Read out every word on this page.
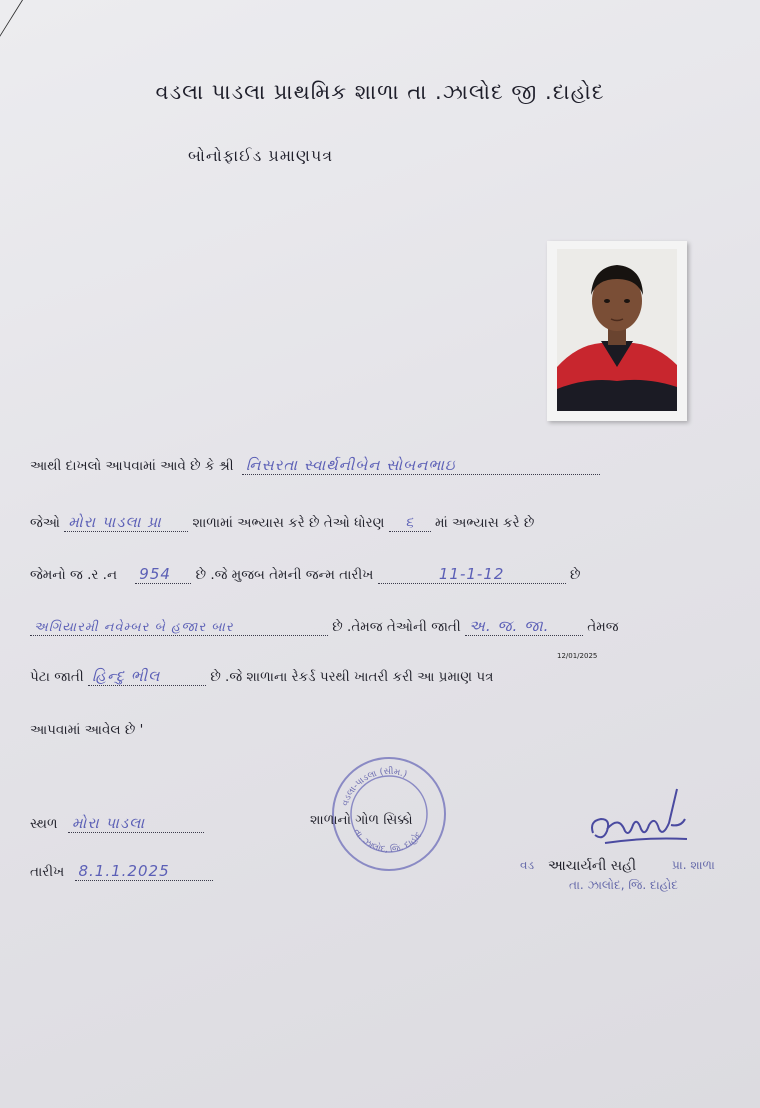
વડલા પાડલા પ્રાથમિક શાળા તા .ઝાલોદ જી .દાહોદ
બોનોફાઈડ પ્રમાણપત્ર
12/01/2025
આથી દાખલો આપવામાં આવે છે કે શ્રી નિસરતા સ્વાર્થનીબેન સોબનભાઇ
જેઓ મોરા પાડલા પ્રા શાળામાં અભ્યાસ કરે છે તેઓ ધોરણ ૬ માં અભ્યાસ કરે છે
જેમનો જ .ર .ન 954 છે .જે મુજબ તેમની જન્મ તારીખ	11-1-12	છે
અગિયારમી નવેમ્બર બે હજાર બાર	છે .તેમજ તેઓની જાતી અ. જ. જા.	તેમજ
પેટા જાતી હિન્દુ ભીલ	છે .જે શાળાના રેકર્ડ પરથી ખાતરી કરી આ પ્રમાણ પત્ર
આપવામાં આવેલ છે '
સ્થળ મોરા પાડલા
તારીખ 8.1.1.2025
વડલા-પાડલા (સીમ.)
તા. ઝાલોદ, જિ. દાહોદ
શાળાનો ગોળ સિક્કો
વડ	પ્રા. શાળા
તા. ઝાલોદ, જિ. દાહોદ
આચાર્યની સહી
